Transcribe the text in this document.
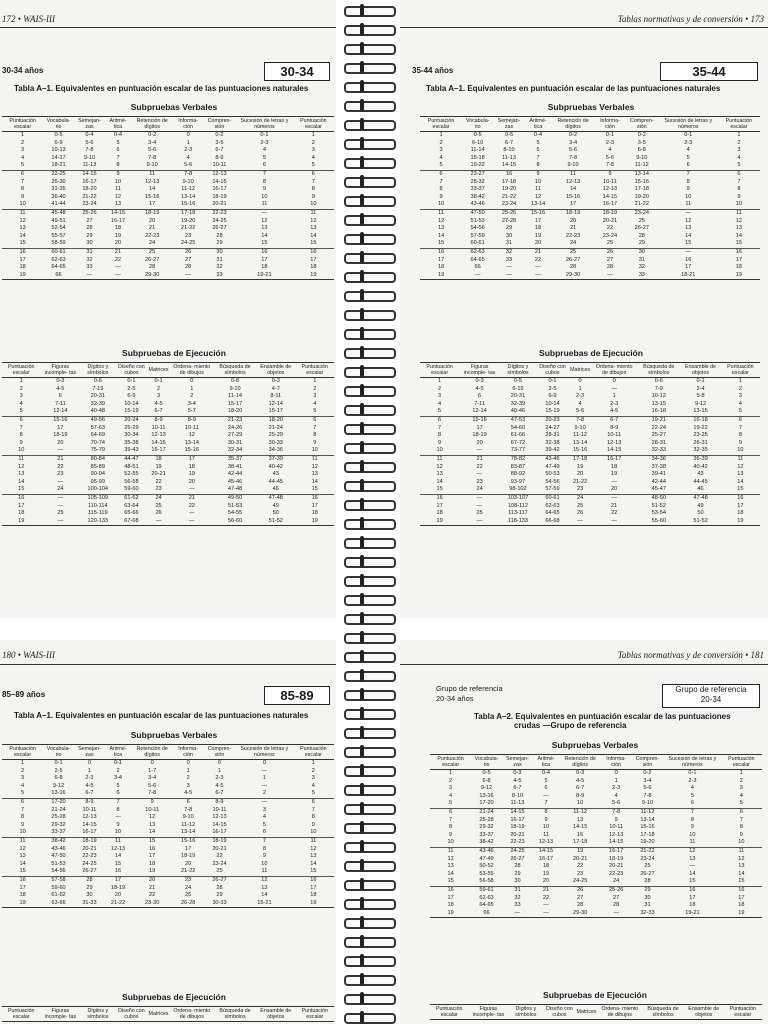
172 • WAIS-III
30-34 años	30-34
Tabla A–1. Equivalentes en puntuación escalar de las puntuaciones naturales
Subpruebas Verbales
Puntuación escalar	Vocabula- rio	Semejan- zas	Aritmé- tica	Retención de dígitos	Informa- ción	Compren- sión	Sucesión de letras y números	Puntuación escalar
1	0-5	0-4	0-4	0-2	0	0-2	0-1	1
2	6-9	5-6	5	3-4	1	3-5	2-3	2
3	10-13	7-8	6	5-6	2-3	6-7	4	3
4	14-17	9-10	7	7-8	4	8-9	5	4
5	18-21	11-13	8	9-10	5-6	10-11	6	5
6	22-25	14-15	9	11	7-8	12-13	7	6
7	26-30	16-17	10	12-13	9-10	14-15	8	7
8	31-35	18-20	11	14	11-12	16-17	9	8
9	36-40	21-22	12	15-16	13-14	18-19	10	9
10	41-44	23-24	13	17	15-16	20-21	11	10
11	45-48	25-26	14-15	18-19	17-18	22-23	—	11
12	49-51	27	16-17	20	19-20	24-25	12	12
13	52-54	28	18	21	21-22	26-27	13	13
14	55-57	29	19	22-23	23	28	14	14
15	58-59	30	20	24	24-25	29	15	15
16	60-61	31	21	25	26	30	16	16
17	62-63	32	22	26-27	27	31	17	17
18	64-65	33	—	28	28	32	18	18
19	66	—	—	29-30	—	33	19-21	19
Subpruebas de Ejecución
Puntuación escalar	Figuras incomple- tas	Dígitos y símbolos	Diseño con cubos	Matrices	Ordena- miento de dibujos	Búsqueda de símbolos	Ensamble de objetos	Puntuación escalar
1	0-3	0-6	0-1	0-1	0	0-8	0-3	1
2	4-5	7-19	2-5	2	1	9-10	4-7	2
3	6	20-31	6-9	3	2	11-14	8-11	3
4	7-11	32-39	10-14	4-5	3-4	15-17	12-14	4
5	12-14	40-48	15-19	6-7	5-7	18-20	15-17	5
6	15-16	49-56	20-24	8-9	8-9	21-23	18-20	6
7	17	57-63	25-29	10-11	10-11	24-26	21-24	7
8	18-19	64-69	30-34	12-13	12	27-29	25-29	8
9	20	70-74	35-38	14-15	13-14	30-31	30-33	9
10	—	75-79	39-43	16-17	15-16	32-34	34-36	10
11	21	80-84	44-47	18	17	35-37	37-39	11
12	22	85-89	48-51	19	18	38-41	40-42	12
13	23	90-94	52-55	20-21	19	42-44	43	13
14	—	95-99	56-58	22	20	45-46	44-45	14
15	24	100-104	59-60	23	—	47-48	46	15
16	—	105-109	61-62	24	21	49-50	47-48	16
17	—	110-114	63-64	25	22	51-53	49	17
18	25	115-119	65-66	26	—	54-55	50	18
19	—	120-133	67-68	—	—	56-60	51-52	19
Tablas normativas y de conversión • 173
35-44 años	35-44
Tabla A–1. Equivalentes en puntuación escalar de las puntuaciones naturales
Subpruebas Verbales
Puntuación escalar	Vocabula- rio	Semejan- zas	Aritmé- tica	Retención de dígitos	Informa- ción	Compren- sión	Sucesión de letras y números	Puntuación escalar
1	0-5	0-5	0-4	0-2	0-1	0-2	0-1	1
2	6-10	6-7	5	3-4	2-3	3-5	2-3	2
3	11-14	8-10	6	5-6	4	6-8	4	3
4	15-18	11-13	7	7-8	5-6	9-10	5	4
5	19-22	14-15	8	9-10	7-8	11-12	6	5
6	23-27	16	9	11	9	13-14	7	6
7	28-32	17-18	10	12-13	10-11	15-16	8	7
8	33-37	19-20	11	14	12-13	17-18	9	8
9	38-42	21-22	12	15-16	14-15	19-20	10	9
10	43-46	23-24	13-14	17	16-17	21-22	11	10
11	47-50	25-26	15-16	18-19	18-19	23-24	—	11
12	51-53	27-28	17	20	20-21	25	12	12
13	54-56	29	18	21	22	26-27	13	13
14	57-59	30	19	22-23	23-24	28	14	14
15	60-61	31	20	24	25	29	15	15
16	62-63	32	21	25	26	30	—	16
17	64-65	33	22	26-27	27	31	16	17
18	66	—	—	28	28	32	17	18
19	—	—	—	29-30	—	33	18-21	19
Subpruebas de Ejecución
Puntuación escalar	Figuras incomple- tas	Dígitos y símbolos	Diseño con cubos	Matrices	Ordena- miento de dibujos	Búsqueda de símbolos	Ensamble de objetos	Puntuación escalar
1	0-3	0-5	0-1	0	0	0-6	0-1	1
2	4-5	6-19	2-5	1	—	7-9	2-4	2
3	6	20-31	6-9	2-3	1	10-12	5-8	3
4	7-11	32-39	10-14	4	2-3	13-15	9-12	4
5	12-14	40-46	15-19	5-6	4-5	16-18	13-15	5
6	15-16	47-53	20-23	7-8	6-7	19-21	16-18	6
7	17	54-60	24-27	9-10	8-9	22-24	19-22	7
8	18-19	61-66	28-31	11-12	10-11	25-27	23-25	8
9	20	67-72	32-38	13-14	12-13	28-31	26-31	9
10	—	73-77	39-42	15-16	14-15	32-33	32-35	10
11	21	78-82	43-46	17-18	16-17	34-36	36-39	11
12	22	83-87	47-49	19	18	37-38	40-42	12
13	—	88-92	50-53	20	19	39-41	43	13
14	23	93-97	54-56	21-22	—	42-44	44-45	14
15	24	98-102	57-59	23	20	45-47	46	15
16	—	103-107	60-61	24	—	48-50	47-48	16
17	—	108-112	62-63	25	21	51-52	49	17
18	25	113-117	64-65	26	22	53-54	50	18
19	—	118-133	66-68	—	—	55-60	51-52	19
180 • WAIS-III
85–89 años	85-89
Tabla A–1. Equivalentes en puntuación escalar de las puntuaciones naturales
Subpruebas Verbales
Puntuación escalar	Vocabula- rio	Semejan- zas	Aritmé- tica	Retención de dígitos	Informa- ción	Compren- sión	Sucesión de letras y números	Puntuación escalar
1	0-1	0	0-1	0	0	0	0	1
2	2-5	1	2	1-7	1	1	—	2
3	6-8	2-3	3-4	3-4	2	2-3	1	3
4	9-12	4-5	5	5-6	3	4-5	—	4
5	13-16	6-7	6	7-8	4-5	6-7	2	5
6	17-20	8-9	7	9	6	8-9	—	6
7	21-24	10-11	8	10-11	7-8	10-11	3	7
8	25-28	12-13	—	12	9-10	12-13	4	8
9	29-32	14-15	9	13	11-12	14-15	5	9
10	33-37	16-17	10	14	13-14	16-17	6	10
11	38-42	18-19	11	15	15-16	18-19	7	11
12	43-46	20-21	12-13	16	17	20-21	8	12
13	47-50	22-23	14	17	18-19	22	9	13
14	51-53	24-25	15	18	20	23-24	10	14
15	54-56	26-27	16	19	21-22	25	11	15
16	57-58	28	17	20	23	26-27	12	16
17	59-60	29	18-19	21	24	28	13	17
18	61-62	30	20	22	25	29	14	18
19	63-66	31-33	21-22	23-30	26-28	30-33	15-21	19
Subpruebas de Ejecución
Puntuación escalar	Figuras incomple- tas	Dígitos y símbolos	Diseño con cubos	Matrices	Ordena- miento de dibujos	Búsqueda de símbolos	Ensamble de objetos	Puntuación escalar
Tablas normativas y de conversión • 181
Grupo de referencia
20-34 años
Grupo de referencia
20-34
Tabla A–2. Equivalentes en puntuación escalar de las puntuaciones
crudas —Grupo de referencia
Subpruebas Verbales
Puntuación escalar	Vocabula- rio	Semejan- zas	Aritmé- tica	Retención de dígitos	Informa- ción	Compren- sión	Sucesión de letras y números	Puntuación escalar
1	0-5	0-3	0-4	0-3	0	0-2	0-1	1
2	6-8	4-5	5	4-5	1	3-4	2-3	2
3	9-12	6-7	6	6-7	2-3	5-6	4	3
4	13-16	8-10	—	8-9	4	7-8	5	4
5	17-20	11-13	7	10	5-6	9-10	6	5
6	21-24	14-15	8	11-12	7-8	11-12	7	6
7	25-28	16-17	9	13	9	13-14	8	7
8	29-32	18-19	10	14-15	10-11	15-16	9	8
9	33-37	20-21	11	16	12-13	17-18	10	9
10	38-42	22-23	12-13	17-18	14-15	19-20	11	10
11	43-46	24-25	14-15	19	16-17	21-22	12	11
12	47-49	26-27	16-17	20-21	18-19	23-24	13	12
13	50-52	28	18	22	20-21	25	—	13
14	53-55	29	19	23	22-23	26-27	14	14
15	56-58	30	20	24-25	24	28	15	15
16	59-61	31	21	26	25-26	29	16	16
17	62-63	32	22	27	27	30	17	17
18	64-65	33	—	28	28	31	18	18
19	66	—	—	29-30	—	32-33	19-21	19
Subpruebas de Ejecución
Puntuación escalar	Figuras incomple- tas	Dígitos y símbolos	Diseño con cubos	Matrices	Ordena- miento de dibujos	Búsqueda de símbolos	Ensamble de objetos	Puntuación escalar
